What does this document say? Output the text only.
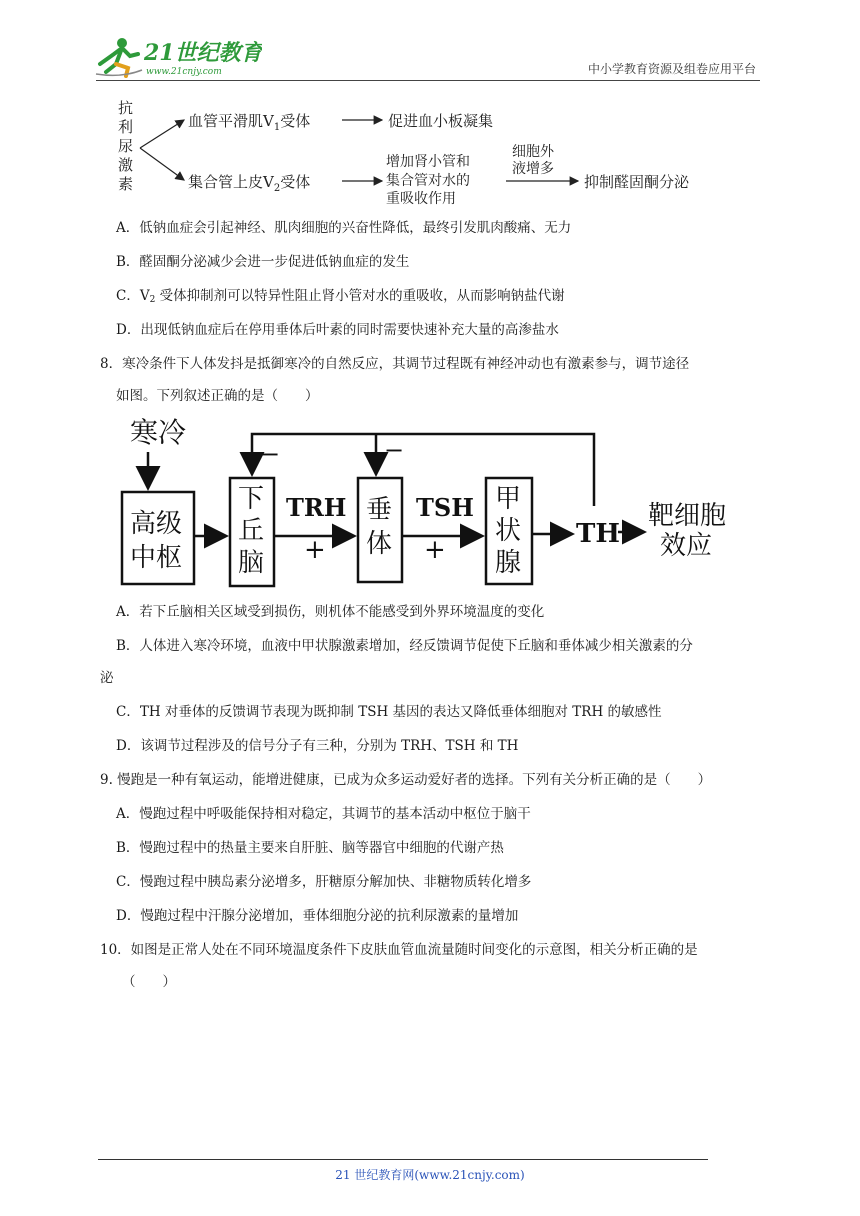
21世纪教育
www.21cnjy.com	中小学教育资源及组卷应用平台
抗
利
尿
激
素
血管平滑肌$V_1$受体	促进血小板凝集
集合管上皮$V_2$受体
增加肾小管和
集合管对水的
重吸收作用
细胞外
液增多
抑制醛固酮分泌
A．低钠血症会引起神经、肌肉细胞的兴奋性降低，最终引发肌肉酸痛、无力
B．醛固酮分泌减少会进一步促进低钠血症的发生
C．$V_2$ 受体抑制剂可以特异性阻止肾小管对水的重吸收，从而影响钠盐代谢
D．出现低钠血症后在停用垂体后叶素的同时需要快速补充大量的高渗盐水
8．寒冷条件下人体发抖是抵御寒冷的自然反应，其调节过程既有神经冲动也有激素参与，调节途径
如图。下列叙述正确的是（　　）
寒冷
高级
中枢
下
丘
脑
TRH
+
垂
体
TSH
+
甲
状
腺
TH
靶细胞
效应
−	−
A．若下丘脑相关区域受到损伤，则机体不能感受到外界环境温度的变化
B．人体进入寒冷环境，血液中甲状腺激素增加，经反馈调节促使下丘脑和垂体减少相关激素的分
泌
C．TH 对垂体的反馈调节表现为既抑制 TSH 基因的表达又降低垂体细胞对 TRH 的敏感性
D．该调节过程涉及的信号分子有三种，分别为 TRH、TSH 和 TH
9. 慢跑是一种有氧运动，能增进健康，已成为众多运动爱好者的选择。下列有关分析正确的是（　　）
A．慢跑过程中呼吸能保持相对稳定，其调节的基本活动中枢位于脑干
B．慢跑过程中的热量主要来自肝脏、脑等器官中细胞的代谢产热
C．慢跑过程中胰岛素分泌增多，肝糖原分解加快、非糖物质转化增多
D．慢跑过程中汗腺分泌增加，垂体细胞分泌的抗利尿激素的量增加
10．如图是正常人处在不同环境温度条件下皮肤血管血流量随时间变化的示意图，相关分析正确的是
（　　）
21 世纪教育网(www.21cnjy.com)
